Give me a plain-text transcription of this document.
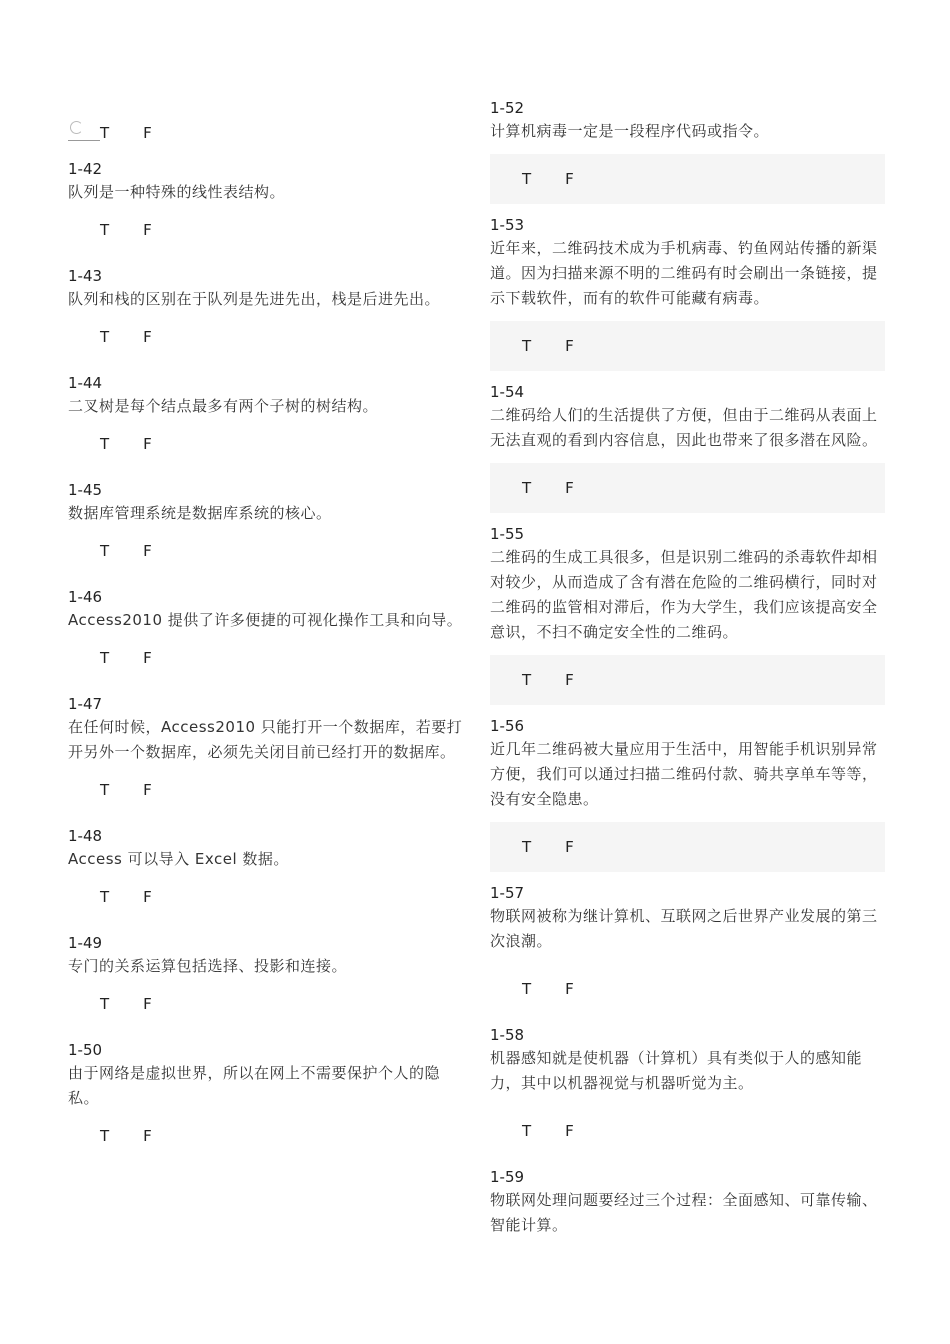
T F
1-42
队列是一种特殊的线性表结构。
T F
1-43
队列和栈的区别在于队列是先进先出，栈是后进先出。
T F
1-44
二叉树是每个结点最多有两个子树的树结构。
T F
1-45
数据库管理系统是数据库系统的核心。
T F
1-46
Access2010 提供了许多便捷的可视化操作工具和向导。
T F
1-47
在任何时候，Access2010 只能打开一个数据库，若要打开另外一个数据库，必须先关闭目前已经打开的数据库。
T F
1-48
Access 可以导入 Excel 数据。
T F
1-49
专门的关系运算包括选择、投影和连接。
T F
1-50
由于网络是虚拟世界，所以在网上不需要保护个人的隐私。
T F
1-52
计算机病毒一定是一段程序代码或指令。
T F
1-53
近年来，二维码技术成为手机病毒、钓鱼网站传播的新渠道。因为扫描来源不明的二维码有时会刷出一条链接，提示下载软件，而有的软件可能藏有病毒。
T F
1-54
二维码给人们的生活提供了方便，但由于二维码从表面上无法直观的看到内容信息，因此也带来了很多潜在风险。
T F
1-55
二维码的生成工具很多，但是识别二维码的杀毒软件却相对较少，从而造成了含有潜在危险的二维码横行，同时对二维码的监管相对滞后，作为大学生，我们应该提高安全意识，不扫不确定安全性的二维码。
T F
1-56
近几年二维码被大量应用于生活中，用智能手机识别异常方便，我们可以通过扫描二维码付款、骑共享单车等等，没有安全隐患。
T F
1-57
物联网被称为继计算机、互联网之后世界产业发展的第三次浪潮。
T F
1-58
机器感知就是使机器（计算机）具有类似于人的感知能力，其中以机器视觉与机器听觉为主。
T F
1-59
物联网处理问题要经过三个过程：全面感知、可靠传输、智能计算。
